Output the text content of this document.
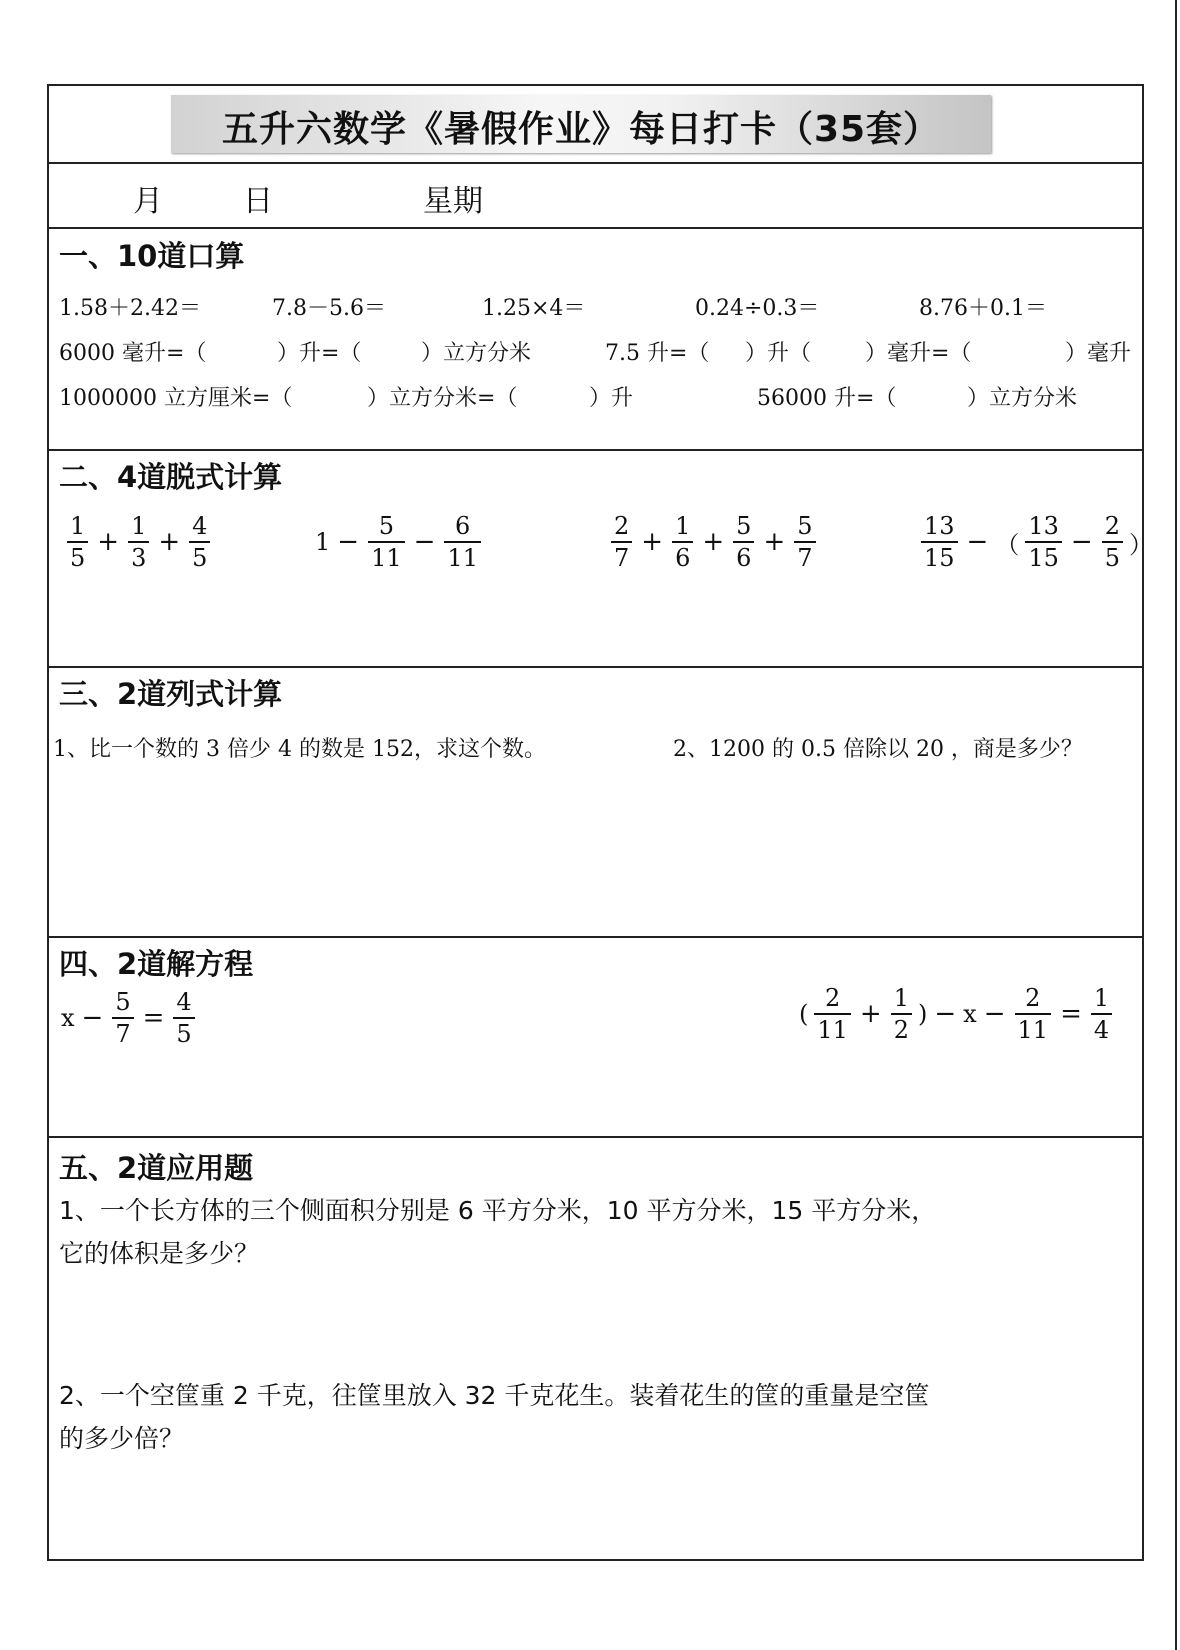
五升六数学《暑假作业》每日打卡（35套）
月	日	星期
一、10道口算
1.58＋2.42＝	7.8－5.6＝	1.25×4＝	0.24÷0.3＝	8.76＋0.1＝
6000 毫升=（	）升=（	）立方分米	7.5 升=（ ）升（ ）毫升=（	）毫升
1000000 立方厘米=（	）立方分米=（	）升	56000 升=（	）立方分米
二、4道脱式计算
$\frac{1}{5} + \frac{1}{3} + \frac{4}{5}$	$1 - \frac{5}{11} - \frac{6}{11}$	$\frac{2}{7} + \frac{1}{6} + \frac{5}{6} + \frac{5}{7}$	$\frac{13}{15}$ − （ $\frac{13}{15} - \frac{2}{5}$ ）
三、2道列式计算
1、比一个数的 3 倍少 4 的数是 152，求这个数。	2、1200 的 0.5 倍除以 20 ，商是多少？
四、2道解方程
$x - \frac{5}{7} = \frac{4}{5}$	( $\frac{2}{11} + \frac{1}{2}$ ) − $x - \frac{2}{11} = \frac{1}{4}$
五、2道应用题
1、一个长方体的三个侧面积分别是 6 平方分米，10 平方分米，15 平方分米，
它的体积是多少？
2、一个空筐重 2 千克，往筐里放入 32 千克花生。装着花生的筐的重量是空筐
的多少倍？
